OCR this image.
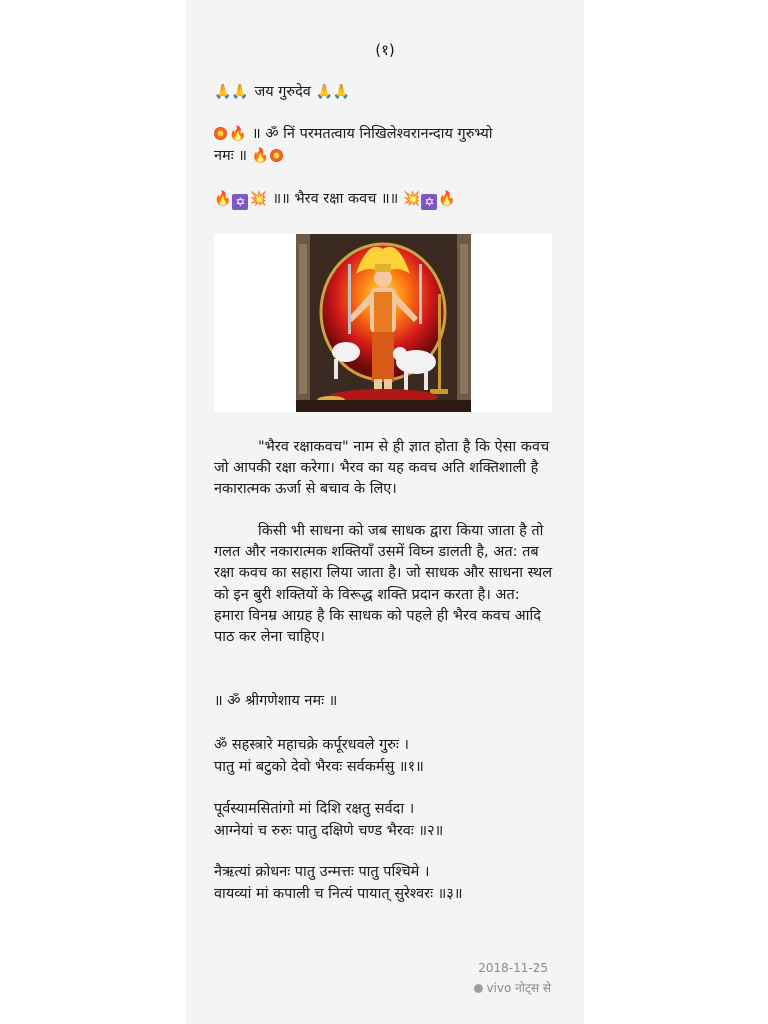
(१)
🙏🙏 जय गुरुदेव 🙏🙏
🔥 ॥ ॐ निं परमतत्वाय निखिलेश्वरानन्दाय गुरुभ्यो
नमः ॥ 🔥
🔥 ✡ 💥 ॥॥ भैरव रक्षा कवच ॥॥ 💥 ✡ 🔥
"भैरव रक्षाकवच" नाम से ही ज्ञात होता है कि ऐसा कवच जो आपकी रक्षा करेगा। भैरव का यह कवच अति शक्तिशाली है नकारात्मक ऊर्जा से बचाव के लिए।
किसी भी साधना को जब साधक द्वारा किया जाता है तो गलत और नकारात्मक शक्तियाँ उसमें विघ्न डालती है, अत: तब रक्षा कवच का सहारा लिया जाता है। जो साधक और साधना स्थल को इन बुरी शक्तियों के विरूद्ध शक्ति प्रदान करता है। अत: हमारा विनम्र आग्रह है कि साधक को पहले ही भैरव कवच आदि पाठ कर लेना चाहिए।
॥ ॐ श्रीगणेशाय नमः ॥
ॐ सहस्त्रारे महाचक्रे कर्पूरधवले गुरुः ।
पातु मां बटुको देवो भैरवः सर्वकर्मसु ॥१॥
पूर्वस्यामसितांगो मां दिशि रक्षतु सर्वदा ।
आग्नेयां च रुरुः पातु दक्षिणे चण्ड भैरवः ॥२॥
नैऋत्यां क्रोधनः पातु उन्मत्तः पातु पश्चिमे ।
वायव्यां मां कपाली च नित्यं पायात् सुरेश्वरः ॥३॥
2018-11-25
vivo नोट्स से
